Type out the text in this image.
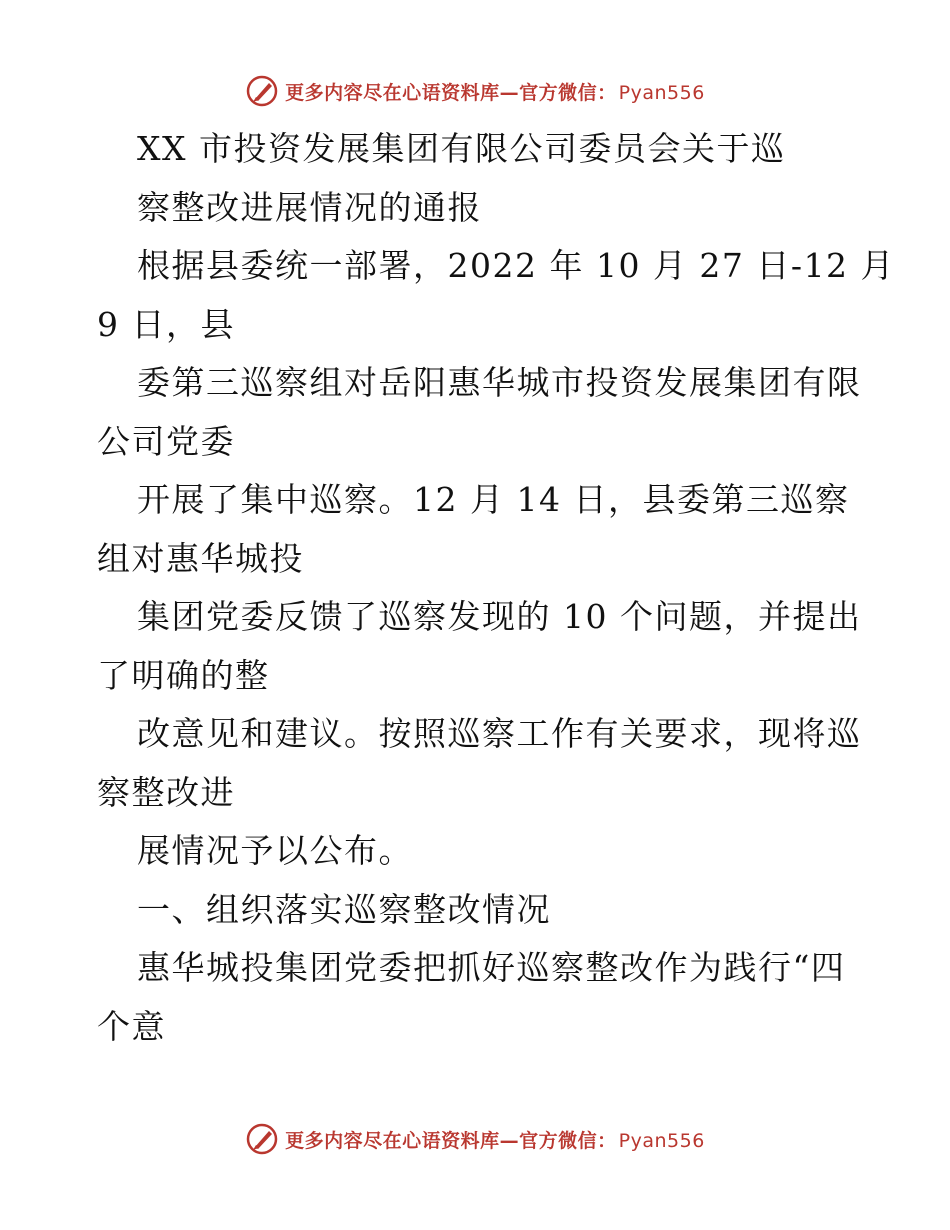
更多内容尽在心语资料库—官方微信： Pyan556
XX 市投资发展集团有限公司委员会关于巡
察整改进展情况的通报
根据县委统一部署，2022 年 10 月 27 日-12 月
9 日，县
委第三巡察组对岳阳惠华城市投资发展集团有限
公司党委
开展了集中巡察。12 月 14 日，县委第三巡察
组对惠华城投
集团党委反馈了巡察发现的 10 个问题，并提出
了明确的整
改意见和建议。按照巡察工作有关要求，现将巡
察整改进
展情况予以公布。
一、组织落实巡察整改情况
惠华城投集团党委把抓好巡察整改作为践行“四
个意
更多内容尽在心语资料库—官方微信： Pyan556
